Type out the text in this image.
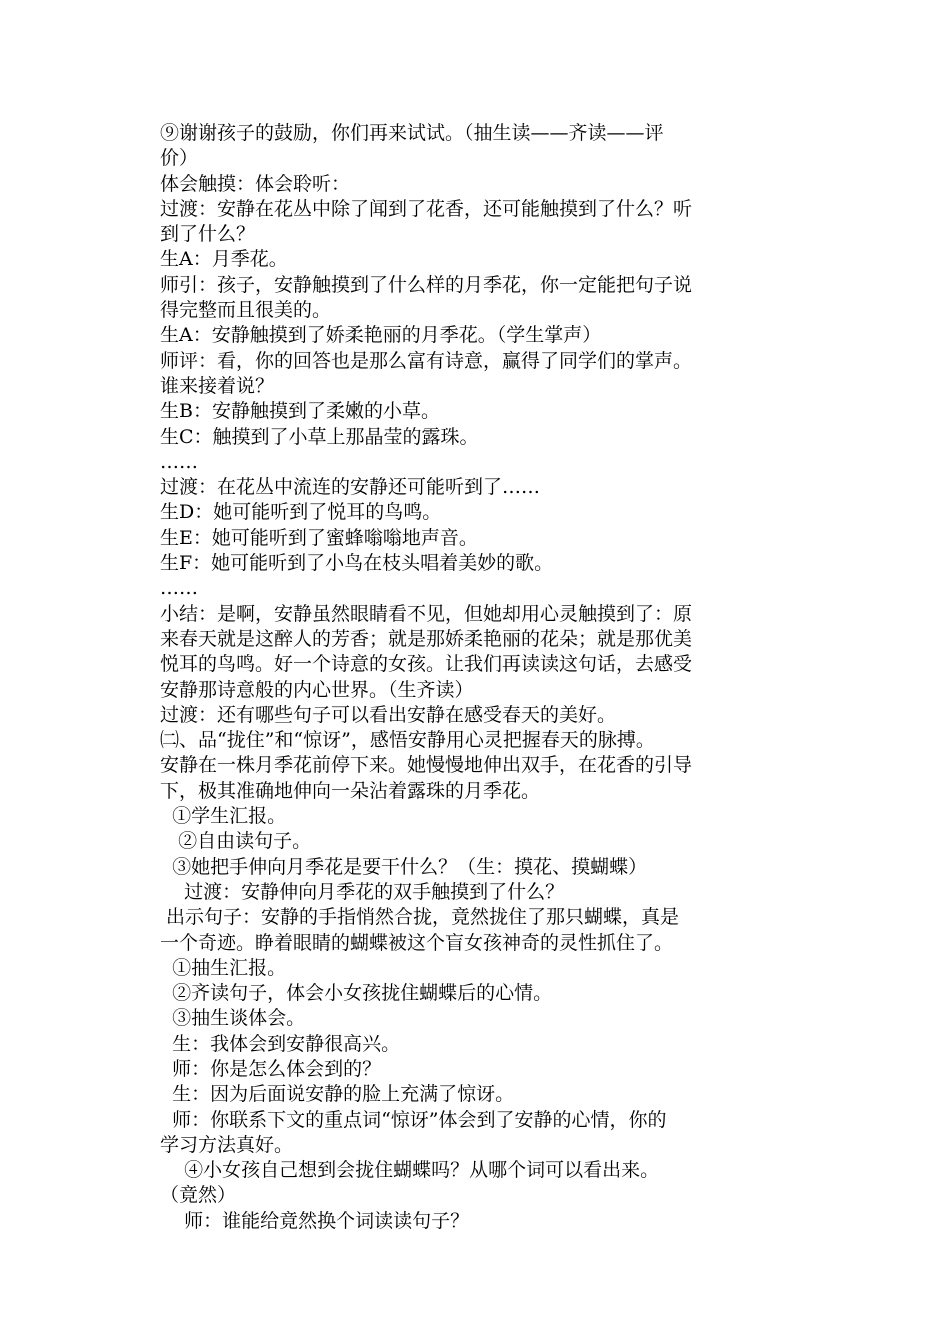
⑨谢谢孩子的鼓励，你们再来试试。（抽生读——齐读——评
价）
体会触摸：体会聆听：
过渡：安静在花丛中除了闻到了花香，还可能触摸到了什么？听
到了什么？
生A：月季花。
师引：孩子，安静触摸到了什么样的月季花，你一定能把句子说
得完整而且很美的。
生A：安静触摸到了娇柔艳丽的月季花。（学生掌声）
师评：看，你的回答也是那么富有诗意，赢得了同学们的掌声。
谁来接着说？
生B：安静触摸到了柔嫩的小草。
生C：触摸到了小草上那晶莹的露珠。
……
过渡：在花丛中流连的安静还可能听到了……
生D：她可能听到了悦耳的鸟鸣。
生E：她可能听到了蜜蜂嗡嗡地声音。
生F：她可能听到了小鸟在枝头唱着美妙的歌。
……
小结：是啊，安静虽然眼睛看不见，但她却用心灵触摸到了：原
来春天就是这醉人的芳香；就是那娇柔艳丽的花朵；就是那优美
悦耳的鸟鸣。好一个诗意的女孩。让我们再读读这句话，去感受
安静那诗意般的内心世界。（生齐读）
过渡：还有哪些句子可以看出安静在感受春天的美好。
㈡、品“拢住”和“惊讶”，感悟安静用心灵把握春天的脉搏。
安静在一株月季花前停下来。她慢慢地伸出双手，在花香的引导
下，极其准确地伸向一朵沾着露珠的月季花。
①学生汇报。
②自由读句子。
③她把手伸向月季花是要干什么？（生：摸花、摸蝴蝶）
过渡：安静伸向月季花的双手触摸到了什么？
出示句子：安静的手指悄然合拢，竟然拢住了那只蝴蝶，真是
一个奇迹。睁着眼睛的蝴蝶被这个盲女孩神奇的灵性抓住了。
①抽生汇报。
②齐读句子，体会小女孩拢住蝴蝶后的心情。
③抽生谈体会。
生：我体会到安静很高兴。
师：你是怎么体会到的？
生：因为后面说安静的脸上充满了惊讶。
师：你联系下文的重点词“惊讶”体会到了安静的心情，你的
学习方法真好。
④小女孩自己想到会拢住蝴蝶吗？从哪个词可以看出来。
（竟然）
师：谁能给竟然换个词读读句子？
